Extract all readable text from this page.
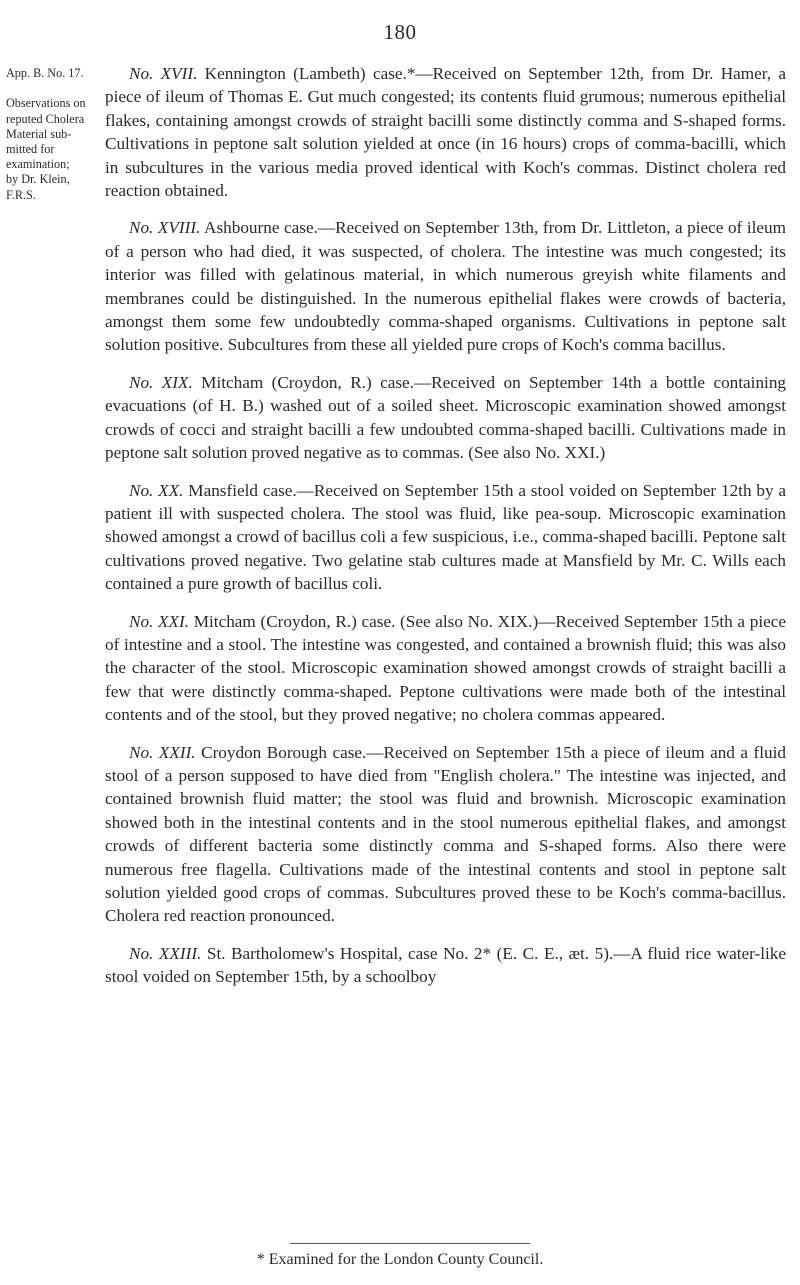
180
App. B. No. 17.

Observations on
reputed Cholera
Material sub-
mitted for
examination;
by Dr. Klein,
F.R.S.

No. XVII. Kennington (Lambeth) case.*—Received on September 12th, from Dr. Hamer, a piece of ileum of Thomas E. Gut much congested; its contents fluid grumous; numerous epithelial flakes, containing amongst crowds of straight bacilli some distinctly comma and S-shaped forms. Cultivations in peptone salt solution yielded at once (in 16 hours) crops of comma-bacilli, which in subcultures in the various media proved identical with Koch's commas. Distinct cholera red reaction obtained.

No. XVIII. Ashbourne case.—Received on September 13th, from Dr. Littleton, a piece of ileum of a person who had died, it was suspected, of cholera. The intestine was much congested; its interior was filled with gelatinous material, in which numerous greyish white filaments and membranes could be distinguished. In the numerous epithelial flakes were crowds of bacteria, amongst them some few undoubtedly comma-shaped organisms. Cultivations in peptone salt solution positive. Subcultures from these all yielded pure crops of Koch's comma bacillus.

No. XIX. Mitcham (Croydon, R.) case.—Received on September 14th a bottle containing evacuations (of H. B.) washed out of a soiled sheet. Microscopic examination showed amongst crowds of cocci and straight bacilli a few undoubted comma-shaped bacilli. Cultivations made in peptone salt solution proved negative as to commas. (See also No. XXI.)

No. XX. Mansfield case.—Received on September 15th a stool voided on September 12th by a patient ill with suspected cholera. The stool was fluid, like pea-soup. Microscopic examination showed amongst a crowd of bacillus coli a few suspicious, i.e., comma-shaped bacilli. Peptone salt cultivations proved negative. Two gelatine stab cultures made at Mansfield by Mr. C. Wills each contained a pure growth of bacillus coli.

No. XXI. Mitcham (Croydon, R.) case. (See also No. XIX.)—Received September 15th a piece of intestine and a stool. The intestine was congested, and contained a brownish fluid; this was also the character of the stool. Microscopic examination showed amongst crowds of straight bacilli a few that were distinctly comma-shaped. Peptone cultivations were made both of the intestinal contents and of the stool, but they proved negative; no cholera commas appeared.

No. XXII. Croydon Borough case.—Received on September 15th a piece of ileum and a fluid stool of a person supposed to have died from "English cholera." The intestine was injected, and contained brownish fluid matter; the stool was fluid and brownish. Microscopic examination showed both in the intestinal contents and in the stool numerous epithelial flakes, and amongst crowds of different bacteria some distinctly comma and S-shaped forms. Also there were numerous free flagella. Cultivations made of the intestinal contents and stool in peptone salt solution yielded good crops of commas. Subcultures proved these to be Koch's comma-bacillus. Cholera red reaction pronounced.

No. XXIII. St. Bartholomew's Hospital, case No. 2* (E. C. E., æt. 5).—A fluid rice water-like stool voided on September 15th, by a schoolboy

* Examined for the London County Council.
